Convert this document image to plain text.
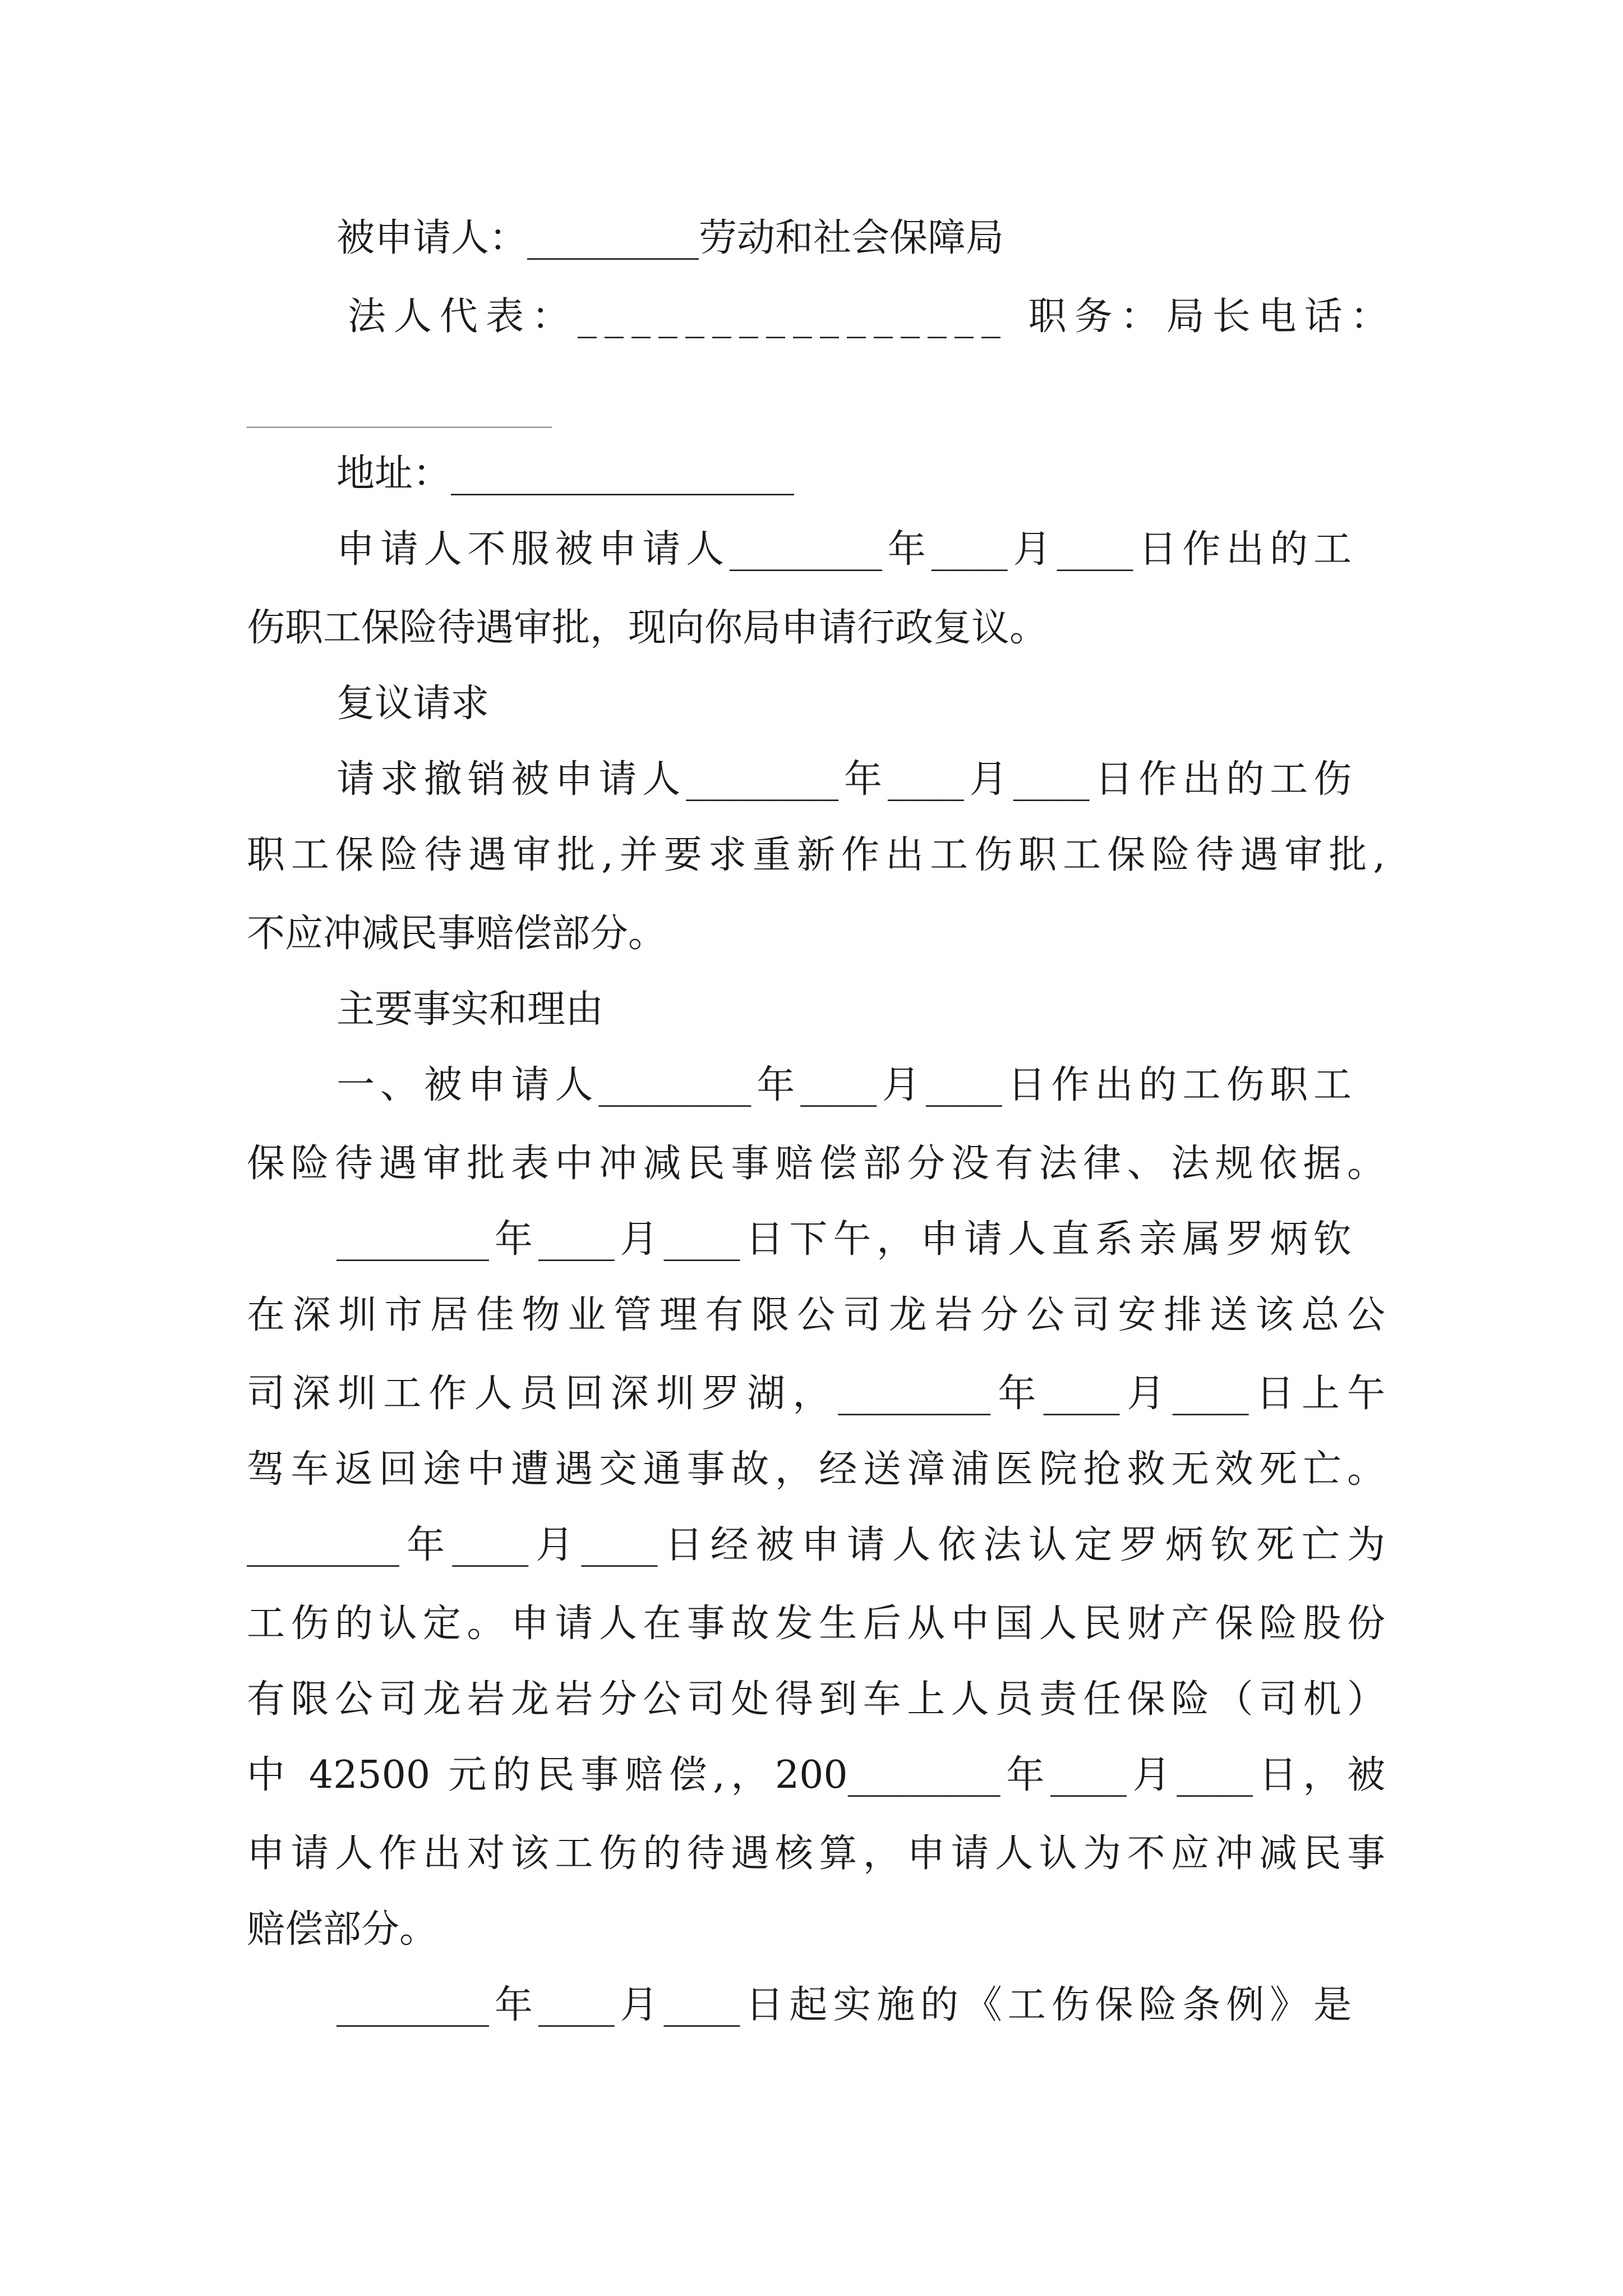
被申请人：_________劳动和社会保障局

法人代表：________________ 职务：局长电话：

________________

地址：__________________

申请人不服被申请人________年____月____日作出的工

伤职工保险待遇审批，现向你局申请行政复议。

复议请求

请求撤销被申请人________年____月____日作出的工伤

职工保险待遇审批,并要求重新作出工伤职工保险待遇审批,

不应冲减民事赔偿部分。

主要事实和理由

一、被申请人________年____月____日作出的工伤职工

保险待遇审批表中冲减民事赔偿部分没有法律、法规依据。

________年____月____日下午，申请人直系亲属罗炳钦

在深圳市居佳物业管理有限公司龙岩分公司安排送该总公

司深圳工作人员回深圳罗湖，________年____月____日上午

驾车返回途中遭遇交通事故，经送漳浦医院抢救无效死亡。

________年____月____日经被申请人依法认定罗炳钦死亡为

工伤的认定。申请人在事故发生后从中国人民财产保险股份

有限公司龙岩龙岩分公司处得到车上人员责任保险（司机）

中 42500 元的民事赔偿,，200________年____月____日，被

申请人作出对该工伤的待遇核算，申请人认为不应冲减民事

赔偿部分。

________年____月____日起实施的《工伤保险条例》是
